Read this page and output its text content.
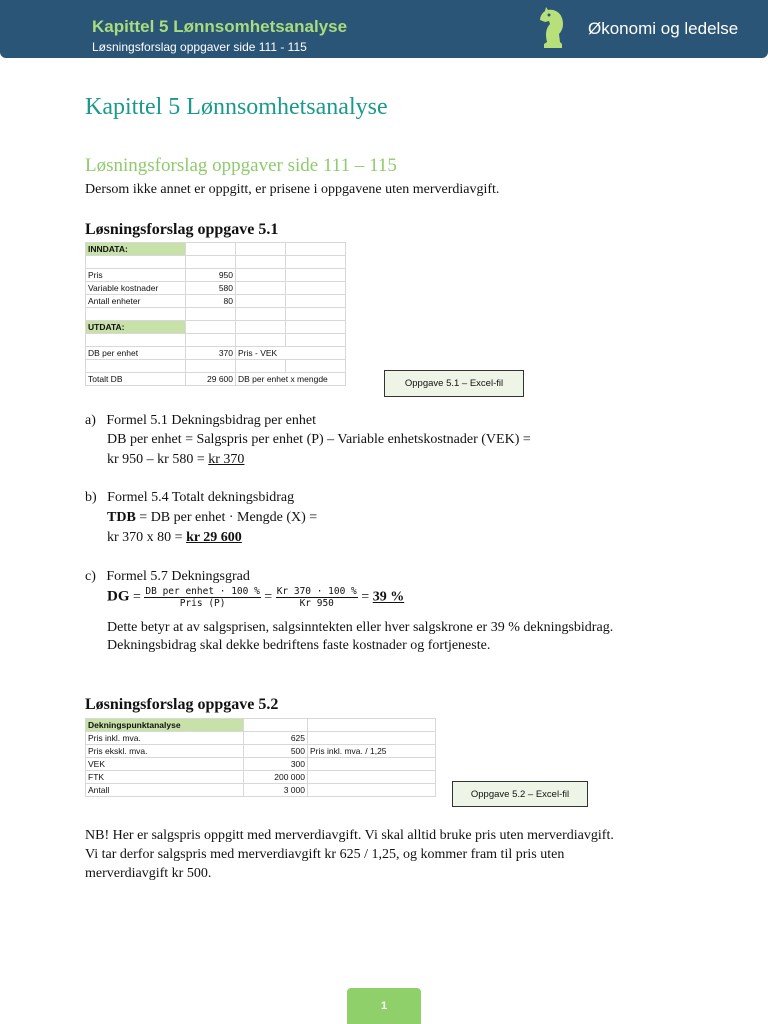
Kapittel 5 Lønnsomhetsanalyse
Løsningsforslag oppgaver side 111 - 115
Økonomi og ledelse
Kapittel 5 Lønnsomhetsanalyse
Løsningsforslag oppgaver side 111 – 115
Dersom ikke annet er oppgitt, er prisene i oppgavene uten merverdiavgift.
Løsningsforslag oppgave 5.1
INNDATA:			

Pris	950		
Variable kostnader	580		
Antall enheter	80		

UTDATA:			

DB per enhet	370	Pris - VEK	

Totalt DB	29 600	DB per enhet x mengde		Oppgave 5.1 – Excel-fil
a) Formel 5.1 Dekningsbidrag per enhet
DB per enhet = Salgspris per enhet (P) – Variable enhetskostnader (VEK) =
kr 950 – kr 580 = kr 370
b) Formel 5.4 Totalt dekningsbidrag
TDB = DB per enhet · Mengde (X) =
kr 370 x 80 = kr 29 600
c) Formel 5.7 Dekningsgrad
DG = $\frac{\text{DB per enhet · 100 \%}}{\text{Pris (P)}} = \frac{Kr 370 \cdot 100 \%}{Kr 950} = 39$ %
Dette betyr at av salgsprisen, salgsinntekten eller hver salgskrone er 39 % dekningsbidrag.
Dekningsbidrag skal dekke bedriftens faste kostnader og fortjeneste.
Løsningsforslag oppgave 5.2
Dekningspunktanalyse		
Pris inkl. mva.	625	
Pris ekskl. mva.	500	Pris inkl. mva. / 1,25
VEK	300	
FTK	200 000	
Antall	3 000		Oppgave 5.2 – Excel-fil
NB! Her er salgspris oppgitt med merverdiavgift. Vi skal alltid bruke pris uten merverdiavgift.
Vi tar derfor salgspris med merverdiavgift kr 625 / 1,25, og kommer fram til pris uten
merverdiavgift kr 500.
1
